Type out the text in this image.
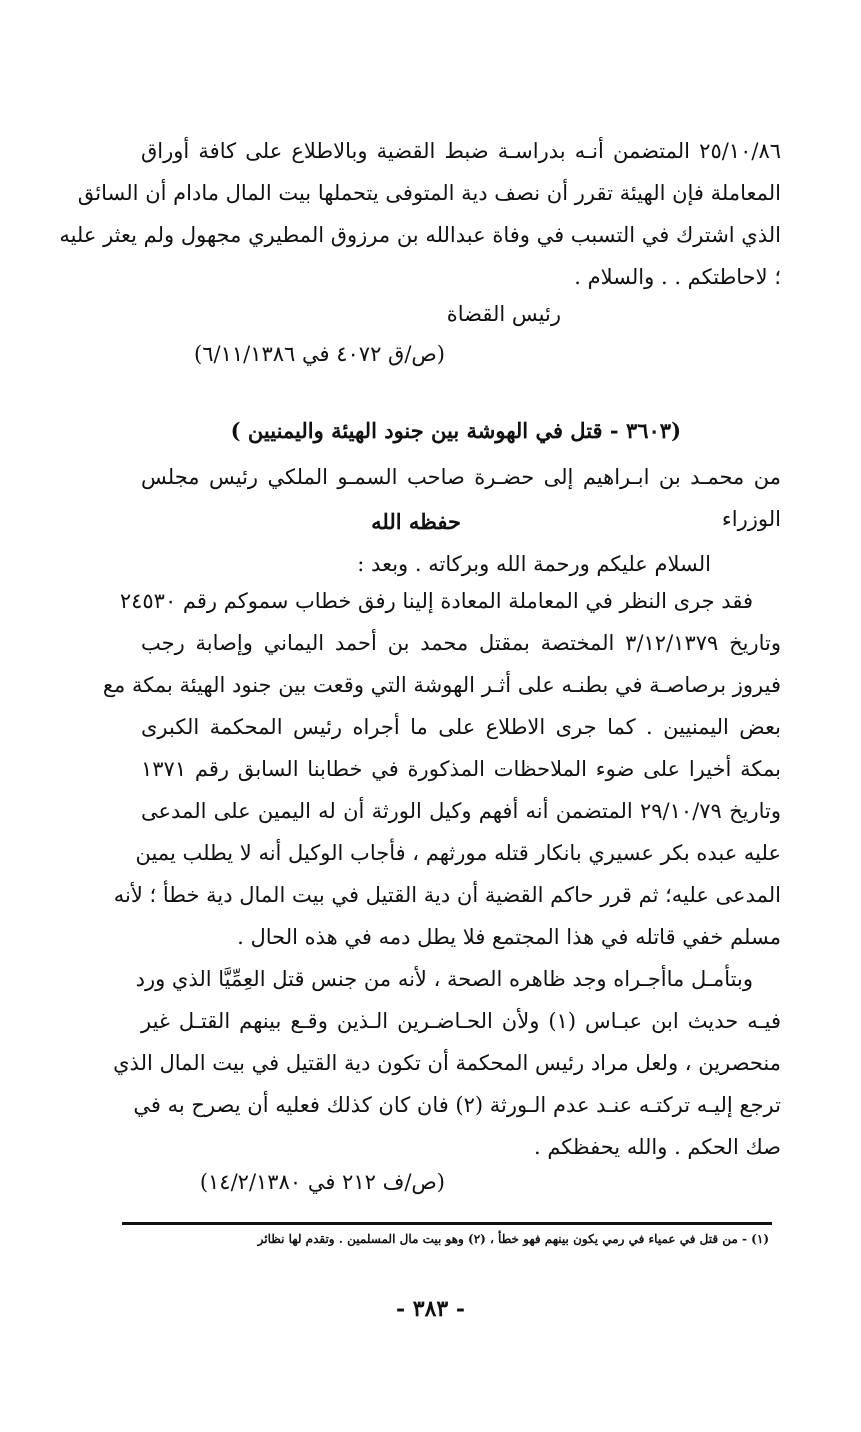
٢٥/١٠/٨٦ المتضمن أنـه بدراسـة ضبط القضية وبالاطلاع على كافة أوراق
المعاملة فإن الهيئة تقرر أن نصف دية المتوفى يتحملها بيت المال مادام أن السائق
الذي اشترك في التسبب في وفاة عبدالله بن مرزوق المطيري مجهول ولم يعثر عليه
؛ لاحاطتكم . . والسلام .
رئيس القضاة
(ص/ق ٤٠٧٢ في ٦/١١/١٣٨٦)
(٣٦٠٣ - قتل في الهوشة بين جنود الهيئة واليمنيين )
من محمـد بن ابـراهيم إلى حضـرة صاحب السمـو الملكي رئيس مجلس
الوزراء
حفظه الله
السلام عليكم ورحمة الله وبركاته . وبعد :
فقد جرى النظر في المعاملة المعادة إلينا رفق خطاب سموكم رقم ٢٤٥٣٠
وتاريخ ٣/١٢/١٣٧٩ المختصة بمقتل محمد بن أحمد اليماني وإصابة رجب
فيروز برصاصـة في بطنـه على أثـر الهوشة التي وقعت بين جنود الهيئة بمكة مع
بعض اليمنيين . كما جرى الاطلاع على ما أجراه رئيس المحكمة الكبرى
بمكة أخيرا على ضوء الملاحظات المذكورة في خطابنا السابق رقم ١٣٧١
وتاريخ ٢٩/١٠/٧٩ المتضمن أنه أفهم وكيل الورثة أن له اليمين على المدعى
عليه عبده بكر عسيري بانكار قتله مورثهم ، فأجاب الوكيل أنه لا يطلب يمين
المدعى عليه؛ ثم قرر حاكم القضية أن دية القتيل في بيت المال دية خطأ ؛ لأنه
مسلم خفي قاتله في هذا المجتمع فلا يطل دمه في هذه الحال .
وبتأمـل ماأجـراه وجد ظاهره الصحة ، لأنه من جنس قتل العِمِّيَّا الذي ورد
فيـه حديث ابن عبـاس (١) ولأن الحـاضـرين الـذين وقـع بينهم القتـل غير
منحصرين ، ولعل مراد رئيس المحكمة أن تكون دية القتيل في بيت المال الذي
ترجع إليـه تركتـه عنـد عدم الـورثة (٢) فان كان كذلك فعليه أن يصرح به في
صك الحكم . والله يحفظكم .
(ص/ف ٢١٢ في ١٤/٢/١٣٨٠)
(١) - من قتل في عمياء في رمي يكون بينهم فهو خطأ ، (٢) وهو بيت مال المسلمين . وتقدم لها نظائر
- ٣٨٣ -
